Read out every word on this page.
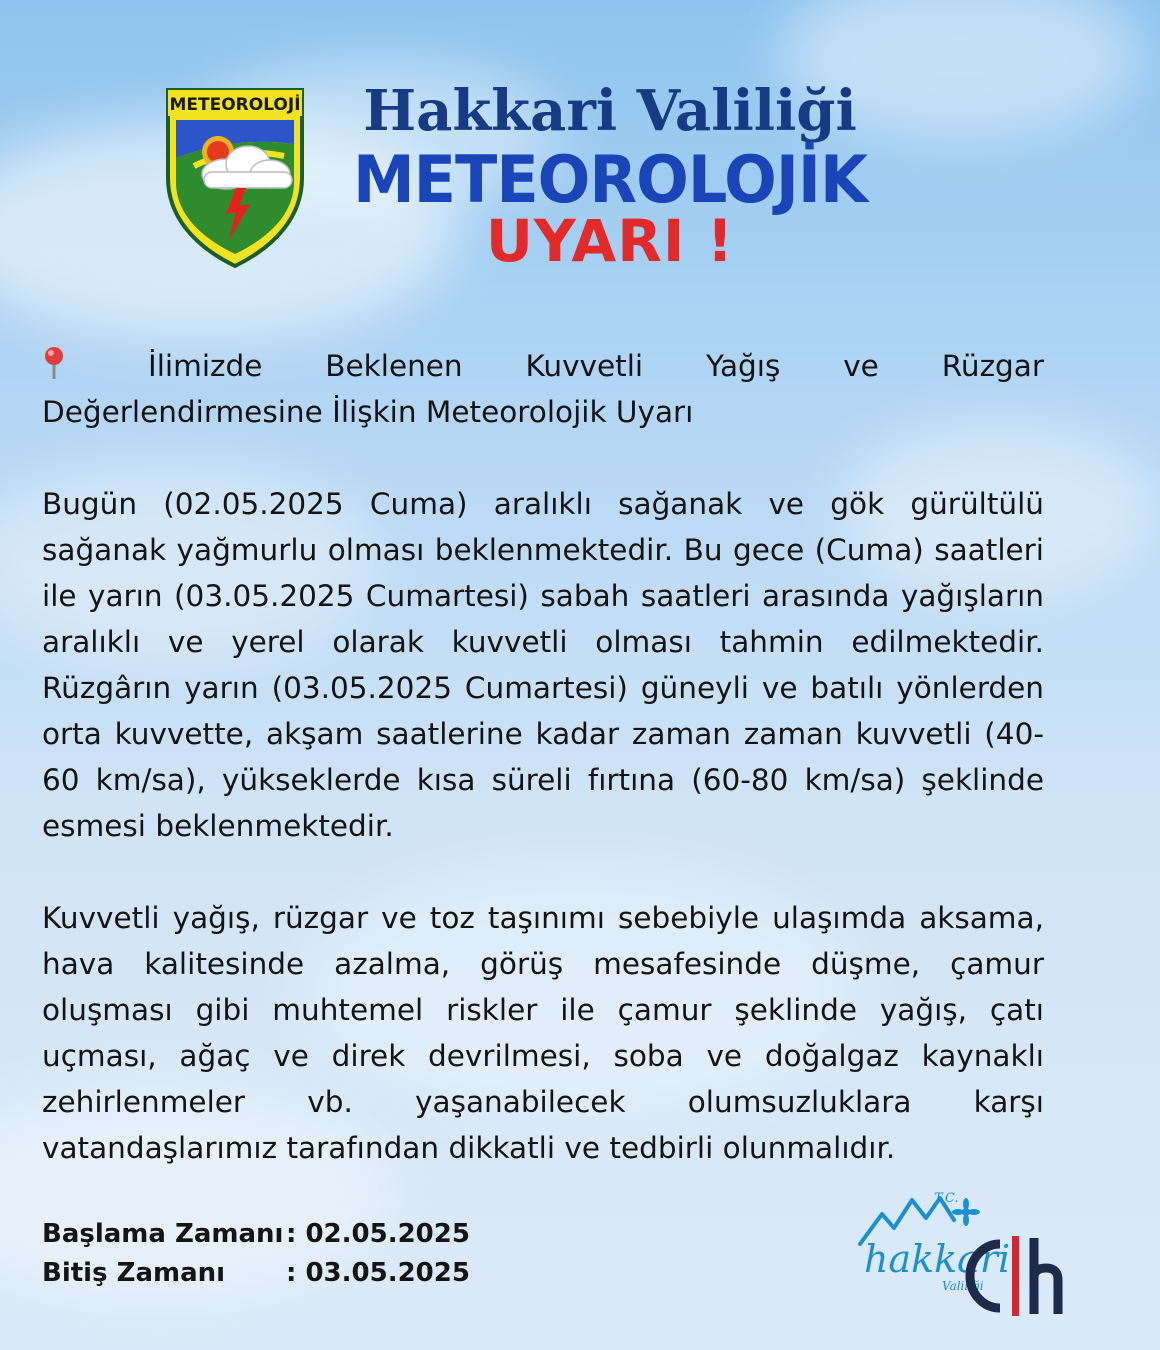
METEOROLOJİ	Hakkari Valiliği
METEOROLOJİK
UYARI !

İlimizde Beklenen Kuvvetli Yağış ve Rüzgar Değerlendirmesine İlişkin Meteorolojik Uyarı

Bugün (02.05.2025 Cuma) aralıklı sağanak ve gök gürültülü sağanak yağmurlu olması beklenmektedir. Bu gece (Cuma) saatleri ile yarın (03.05.2025 Cumartesi) sabah saatleri arasında yağışların aralıklı ve yerel olarak kuvvetli olması tahmin edilmektedir. Rüzgârın yarın (03.05.2025 Cumartesi) güneyli ve batılı yönlerden orta kuvvette, akşam saatlerine kadar zaman zaman kuvvetli (40-60 km/sa), yükseklerde kısa süreli fırtına (60-80 km/sa) şeklinde esmesi beklenmektedir.

Kuvvetli yağış, rüzgar ve toz taşınımı sebebiyle ulaşımda aksama, hava kalitesinde azalma, görüş mesafesinde düşme, çamur oluşması gibi muhtemel riskler ile çamur şeklinde yağış, çatı uçması, ağaç ve direk devrilmesi, soba ve doğalgaz kaynaklı zehirlenmeler vb. yaşanabilecek olumsuzluklara karşı vatandaşlarımız tarafından dikkatli ve tedbirli olunmalıdır.

Başlama Zamanı : 02.05.2025
Bitiş Zamanı	: 03.05.2025
T.C.
hakkari
Valiliği
